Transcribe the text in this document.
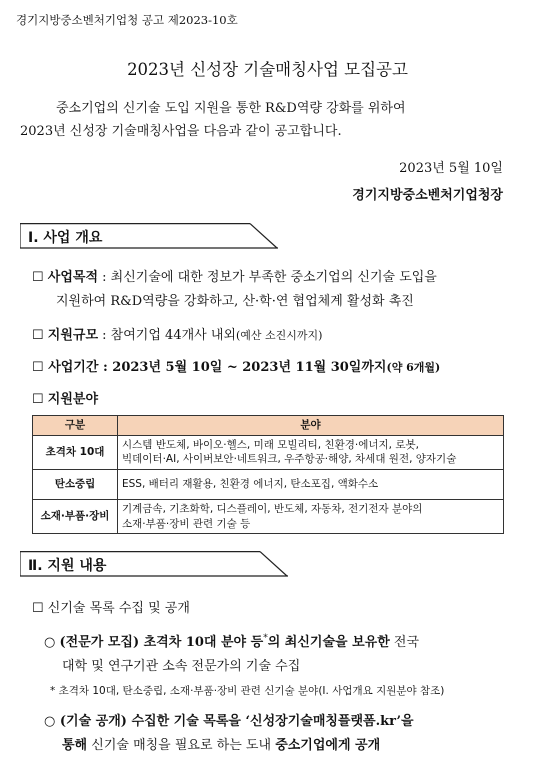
경기지방중소벤처기업청 공고 제2023-10호
2023년 신성장 기술매칭사업 모집공고
중소기업의 신기술 도입 지원을 통한 R&D역량 강화를 위하여
2023년 신성장 기술매칭사업을 다음과 같이 공고합니다.
2023년 5월 10일
경기지방중소벤처기업청장
Ⅰ. 사업 개요
☐ 사업목적 : 최신기술에 대한 정보가 부족한 중소기업의 신기술 도입을
지원하여 R&D역량을 강화하고, 산·학·연 협업체계 활성화 촉진
☐ 지원규모 : 참여기업 44개사 내외(예산 소진시까지)
☐ 사업기간 : 2023년 5월 10일 ~ 2023년 11월 30일까지(약 6개월)
☐ 지원분야
구분	분야
초격차 10대	시스템 반도체, 바이오·헬스, 미래 모빌리티, 친환경·에너지, 로봇,
빅데이터·AI, 사이버보안·네트워크, 우주항공·해양, 차세대 원전, 양자기술

탄소중립	ESS, 배터리 재활용, 친환경 에너지, 탄소포집, 액화수소

소재·부품·장비	기계금속, 기초화학, 디스플레이, 반도체, 자동차, 전기전자 분야의
소재·부품·장비 관련 기술 등
Ⅱ. 지원 내용
☐ 신기술 목록 수집 및 공개
○ (전문가 모집) 초격차 10대 분야 등*의 최신기술을 보유한 전국
대학 및 연구기관 소속 전문가의 기술 수집
* 초격차 10대, 탄소중립, 소재·부품·장비 관련 신기술 분야(Ⅰ. 사업개요 지원분야 참조)
○ (기술 공개) 수집한 기술 목록을 ‘신성장기술매칭플랫폼.kr’을
통해 신기술 매칭을 필요로 하는 도내 중소기업에게 공개
